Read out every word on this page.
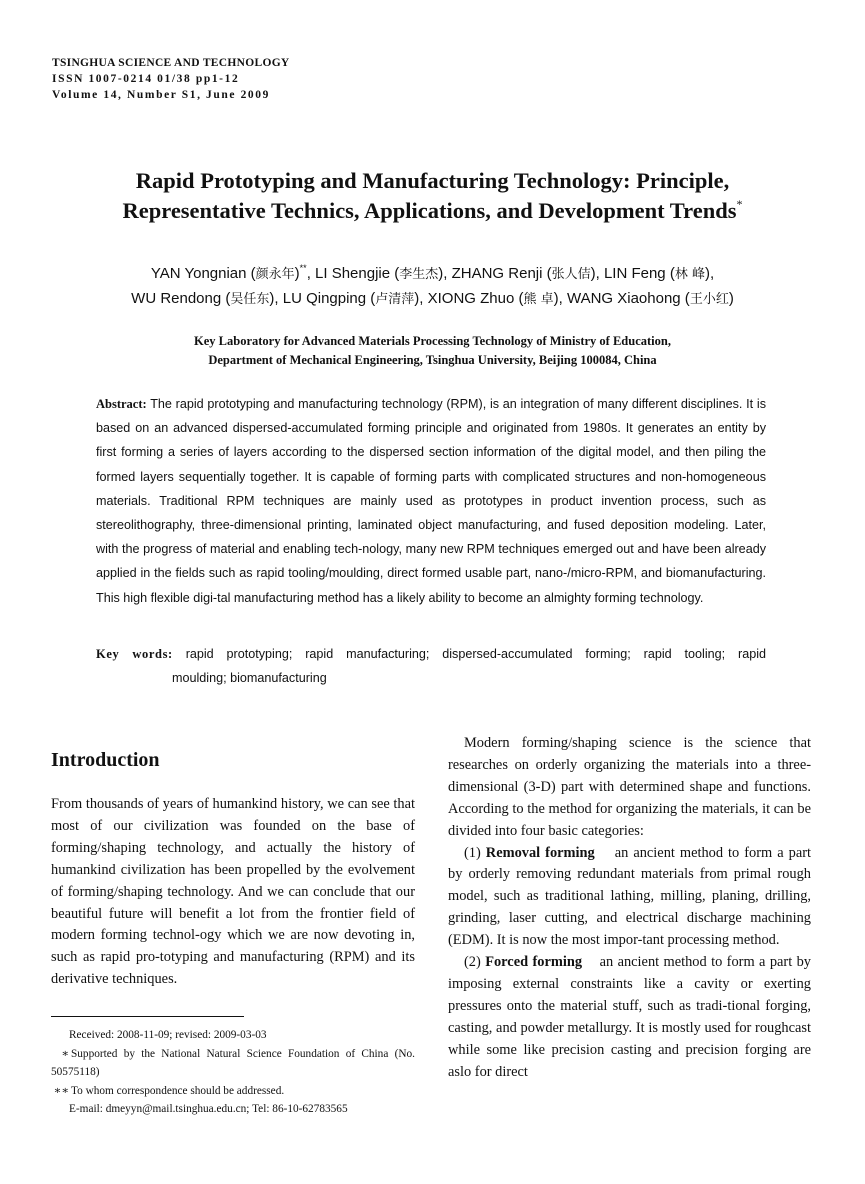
TSINGHUA SCIENCE AND TECHNOLOGY
ISSN 1007-0214 01/38 pp1-12
Volume 14, Number S1, June 2009
Rapid Prototyping and Manufacturing Technology: Principle,
Representative Technics, Applications, and Development Trends*
YAN Yongnian (颜永年)**, LI Shengjie (李生杰), ZHANG Renji (张人佶), LIN Feng (林 峰),
WU Rendong (吴任东), LU Qingping (卢清萍), XIONG Zhuo (熊 卓), WANG Xiaohong (王小红)
Key Laboratory for Advanced Materials Processing Technology of Ministry of Education,
Department of Mechanical Engineering, Tsinghua University, Beijing 100084, China
Abstract: The rapid prototyping and manufacturing technology (RPM), is an integration of many different disciplines. It is based on an advanced dispersed-accumulated forming principle and originated from 1980s. It generates an entity by first forming a series of layers according to the dispersed section information of the digital model, and then piling the formed layers sequentially together. It is capable of forming parts with complicated structures and non-homogeneous materials. Traditional RPM techniques are mainly used as prototypes in product invention process, such as stereolithography, three-dimensional printing, laminated object manufacturing, and fused deposition modeling. Later, with the progress of material and enabling tech-nology, many new RPM techniques emerged out and have been already applied in the fields such as rapid tooling/moulding, direct formed usable part, nano-/micro-RPM, and biomanufacturing. This high flexible digi-tal manufacturing method has a likely ability to become an almighty forming technology.
Key words: rapid prototyping; rapid manufacturing; dispersed-accumulated forming; rapid tooling; rapid
moulding; biomanufacturing
Introduction

From thousands of years of humankind history, we can see that most of our civilization was founded on the base of forming/shaping technology, and actually the history of humankind civilization has been propelled by the evolvement of forming/shaping technology. And we can conclude that our beautiful future will benefit a lot from the frontier field of modern forming technol-ogy which we are now devoting in, such as rapid pro-totyping and manufacturing (RPM) and its derivative techniques.

Received: 2008-11-09; revised: 2009-03-03
∗ Supported by the National Natural Science Foundation of China (No. 50575118)
∗∗ To whom correspondence should be addressed.
E-mail: dmeyyn@mail.tsinghua.edu.cn; Tel: 86-10-62783565

Modern forming/shaping science is the science that researches on orderly organizing the materials into a three-dimensional (3-D) part with determined shape and functions. According to the method for organizing the materials, it can be divided into four basic categories:

(1) Removal forming an ancient method to form a part by orderly removing redundant materials from primal rough model, such as traditional lathing, milling, planing, drilling, grinding, laser cutting, and electrical discharge machining (EDM). It is now the most impor-tant processing method.

(2) Forced forming an ancient method to form a part by imposing external constraints like a cavity or exerting pressures onto the material stuff, such as tradi-tional forging, casting, and powder metallurgy. It is mostly used for roughcast while some like precision casting and precision forging are aslo for direct
